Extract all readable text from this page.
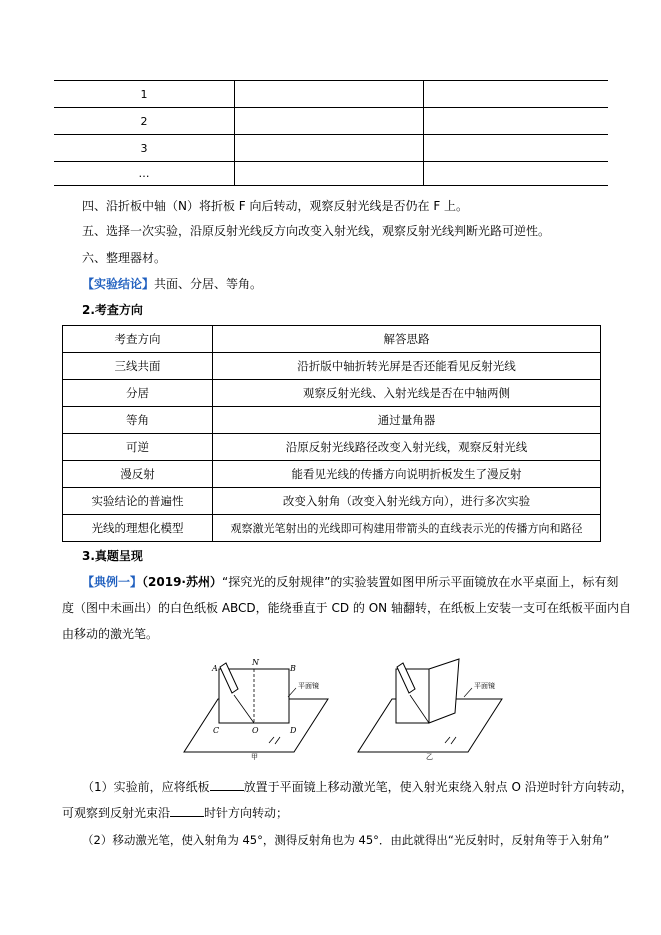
1		
2		
3		
…		
四、沿折板中轴（N）将折板 F 向后转动，观察反射光线是否仍在 F 上。
五、选择一次实验，沿原反射光线反方向改变入射光线，观察反射光线判断光路可逆性。
六、整理器材。
【实验结论】共面、分居、等角。
2.考查方向
考查方向	解答思路
三线共面	沿折版中轴折转光屏是否还能看见反射光线
分居	观察反射光线、入射光线是否在中轴两侧
等角	通过量角器
可逆	沿原反射光线路径改变入射光线，观察反射光线
漫反射	能看见光线的传播方向说明折板发生了漫反射
实验结论的普遍性	改变入射角（改变入射光线方向），进行多次实验
光线的理想化模型	观察激光笔射出的光线即可构建用带箭头的直线表示光的传播方向和路径
3.真题呈现
【典例一】（2019·苏州）“探究光的反射规律”的实验装置如图甲所示平面镜放在水平桌面上，标有刻
度（图中未画出）的白色纸板 ABCD，能绕垂直于 CD 的 ON 轴翻转，在纸板上安装一支可在纸板平面内自
由移动的激光笔。
A
N
B
C	O	D
平面镜
甲
平面镜
乙
（1）实验前，应将纸板	放置于平面镜上移动激光笔，使入射光束绕入射点 O 沿逆时针方向转动，
可观察到反射光束沿	时针方向转动；
（2）移动激光笔，使入射角为 45°，测得反射角也为 45°．由此就得出“光反射时，反射角等于入射角”
